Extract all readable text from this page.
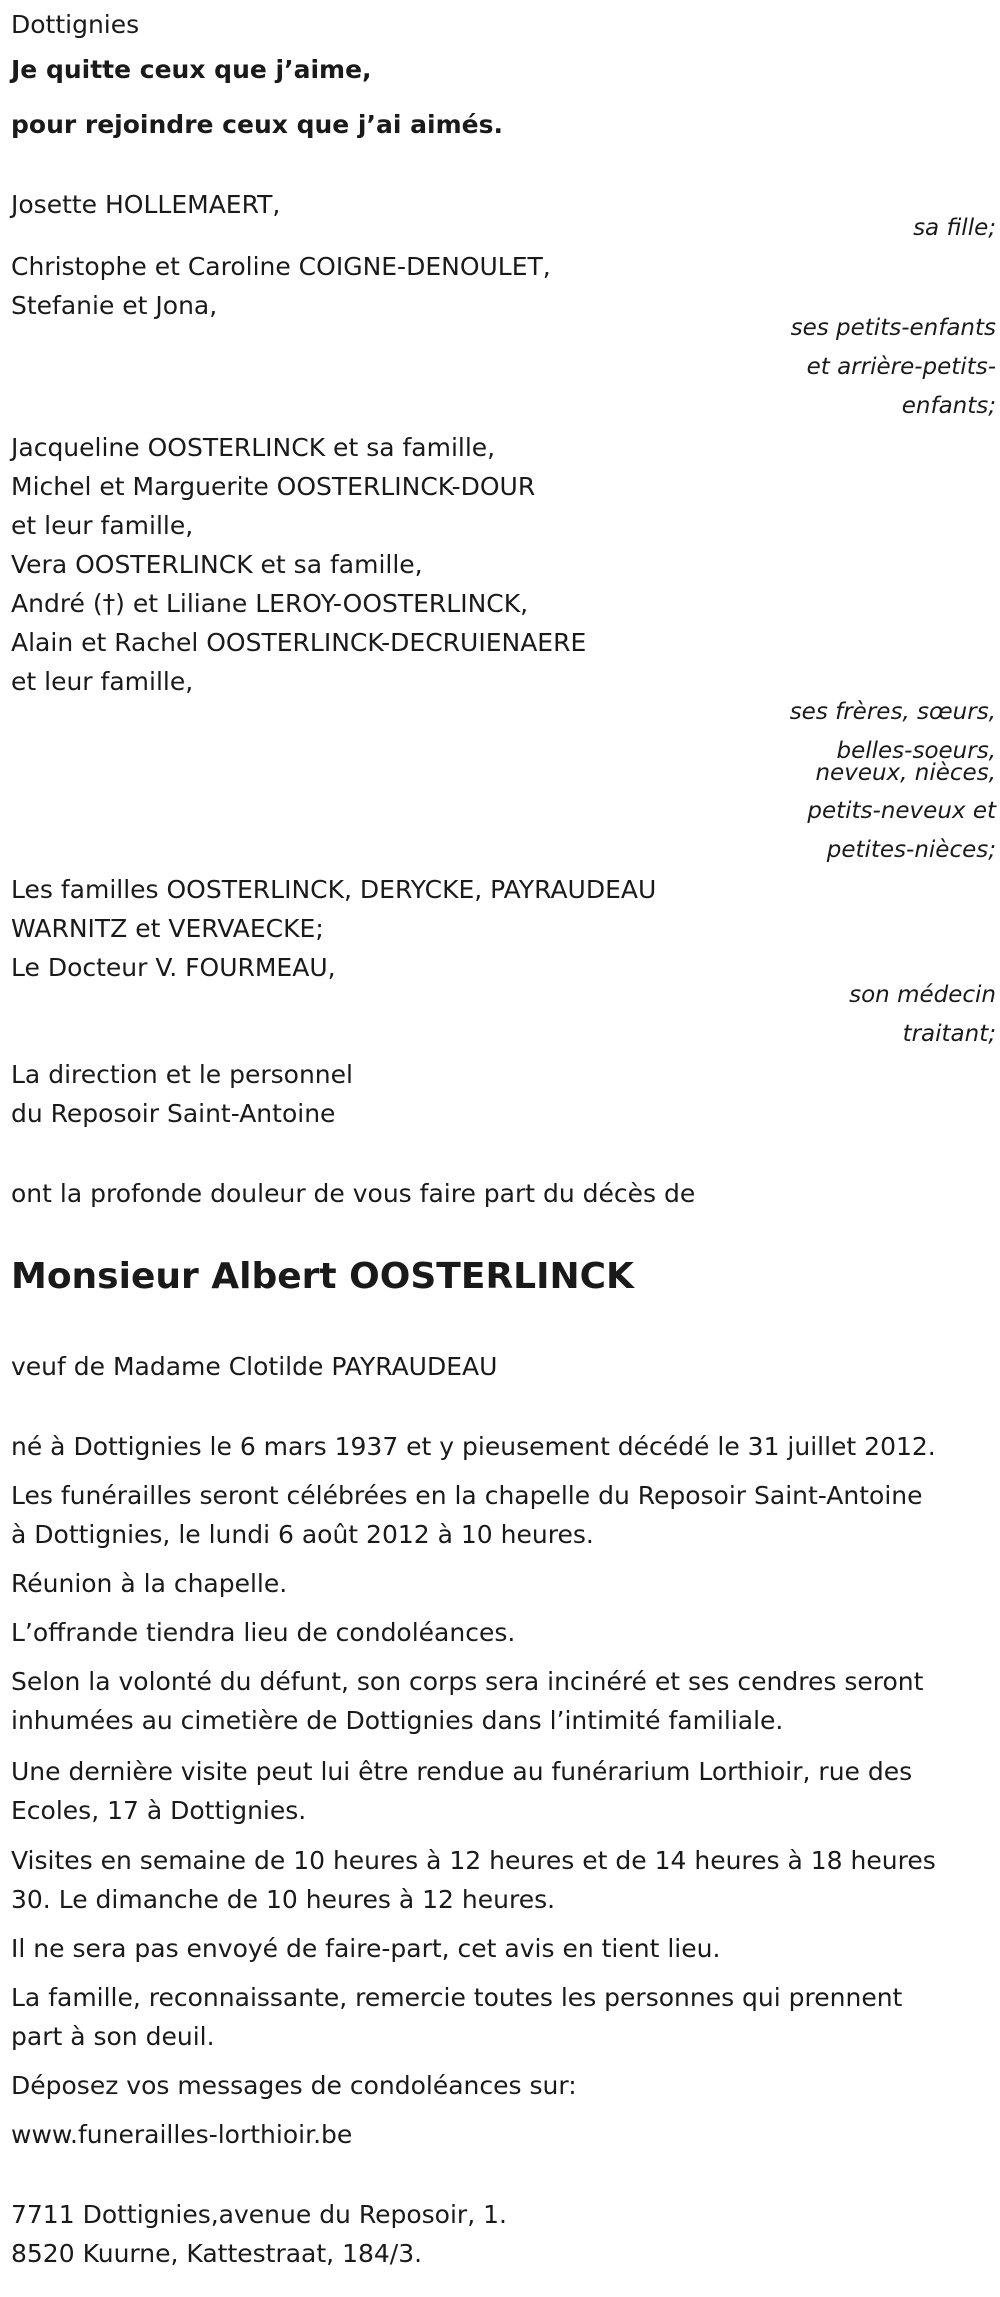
Dottignies
Je quitte ceux que j’aime,
pour rejoindre ceux que j’ai aimés.
Josette HOLLEMAERT,
sa fille;
Christophe et Caroline COIGNE-DENOULET,
Stefanie et Jona,
ses petits-enfants
et arrière-petits-
enfants;
Jacqueline OOSTERLINCK et sa famille,
Michel et Marguerite OOSTERLINCK-DOUR
et leur famille,
Vera OOSTERLINCK et sa famille,
André (†) et Liliane LEROY-OOSTERLINCK,
Alain et Rachel OOSTERLINCK-DECRUIENAERE
et leur famille,
ses frères, sœurs,
belles-soeurs,
neveux, nièces,
petits-neveux et
petites-nièces;
Les familles OOSTERLINCK, DERYCKE, PAYRAUDEAU
WARNITZ et VERVAECKE;
Le Docteur V. FOURMEAU,
son médecin
traitant;
La direction et le personnel
du Reposoir Saint-Antoine
ont la profonde douleur de vous faire part du décès de
Monsieur Albert OOSTERLINCK
veuf de Madame Clotilde PAYRAUDEAU
né à Dottignies le 6 mars 1937 et y pieusement décédé le 31 juillet 2012.
Les funérailles seront célébrées en la chapelle du Reposoir Saint-Antoine
à Dottignies, le lundi 6 août 2012 à 10 heures.
Réunion à la chapelle.
L’offrande tiendra lieu de condoléances.
Selon la volonté du défunt, son corps sera incinéré et ses cendres seront
inhumées au cimetière de Dottignies dans l’intimité familiale.
Une dernière visite peut lui être rendue au funérarium Lorthioir, rue des
Ecoles, 17 à Dottignies.
Visites en semaine de 10 heures à 12 heures et de 14 heures à 18 heures
30. Le dimanche de 10 heures à 12 heures.
Il ne sera pas envoyé de faire-part, cet avis en tient lieu.
La famille, reconnaissante, remercie toutes les personnes qui prennent
part à son deuil.
Déposez vos messages de condoléances sur:
www.funerailles-lorthioir.be
7711 Dottignies,avenue du Reposoir, 1.
8520 Kuurne, Kattestraat, 184/3.
